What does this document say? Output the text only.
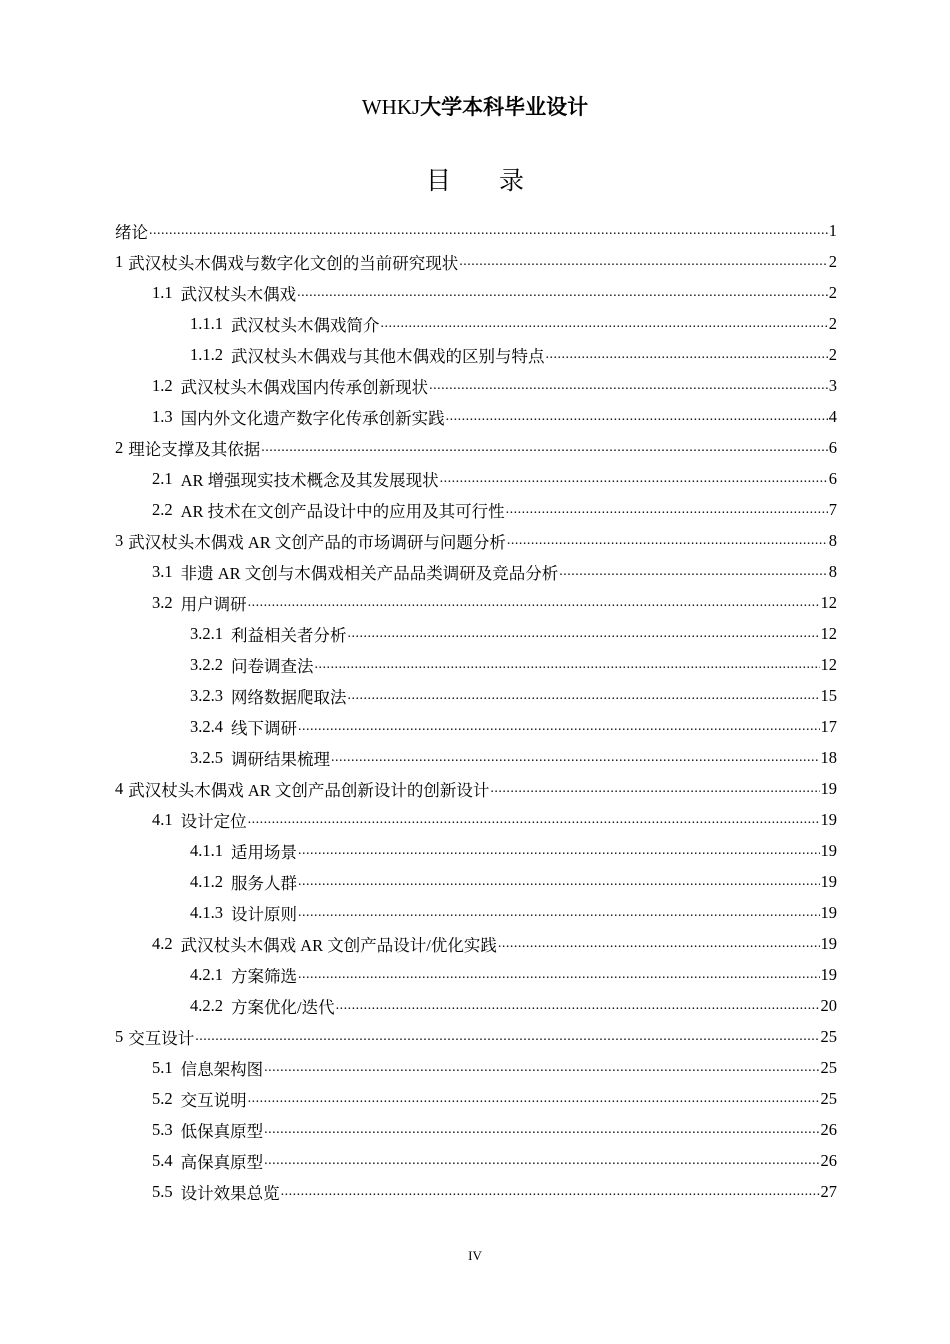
WHKJ大学本科毕业设计
目录
绪论 .....	1
1 武汉杖头木偶戏与数字化文创的当前研究现状 .....	2
1.1 武汉杖头木偶戏 .....	2
1.1.1 武汉杖头木偶戏简介 .....	2
1.1.2 武汉杖头木偶戏与其他木偶戏的区别与特点 .....	2
1.2 武汉杖头木偶戏国内传承创新现状 .....	3
1.3 国内外文化遗产数字化传承创新实践 .....	4
2 理论支撑及其依据 .....	6
2.1 AR 增强现实技术概念及其发展现状 .....	6
2.2 AR 技术在文创产品设计中的应用及其可行性 .....	7
3 武汉杖头木偶戏 AR 文创产品的市场调研与问题分析 .....	8
3.1 非遗 AR 文创与木偶戏相关产品品类调研及竞品分析 .....	8
3.2 用户调研 .....	12
3.2.1 利益相关者分析 .....	12
3.2.2 问卷调查法 .....	12
3.2.3 网络数据爬取法 .....	15
3.2.4 线下调研 .....	17
3.2.5 调研结果梳理 .....	18
4 武汉杖头木偶戏 AR 文创产品创新设计的创新设计 .....	19
4.1 设计定位 .....	19
4.1.1 适用场景 .....	19
4.1.2 服务人群 .....	19
4.1.3 设计原则 .....	19
4.2 武汉杖头木偶戏 AR 文创产品设计/优化实践 .....	19
4.2.1 方案筛选 .....	19
4.2.2 方案优化/迭代 .....	20
5 交互设计 .....	25
5.1 信息架构图 .....	25
5.2 交互说明 .....	25
5.3 低保真原型 .....	26
5.4 高保真原型 .....	26
5.5 设计效果总览 .....	27
IV
